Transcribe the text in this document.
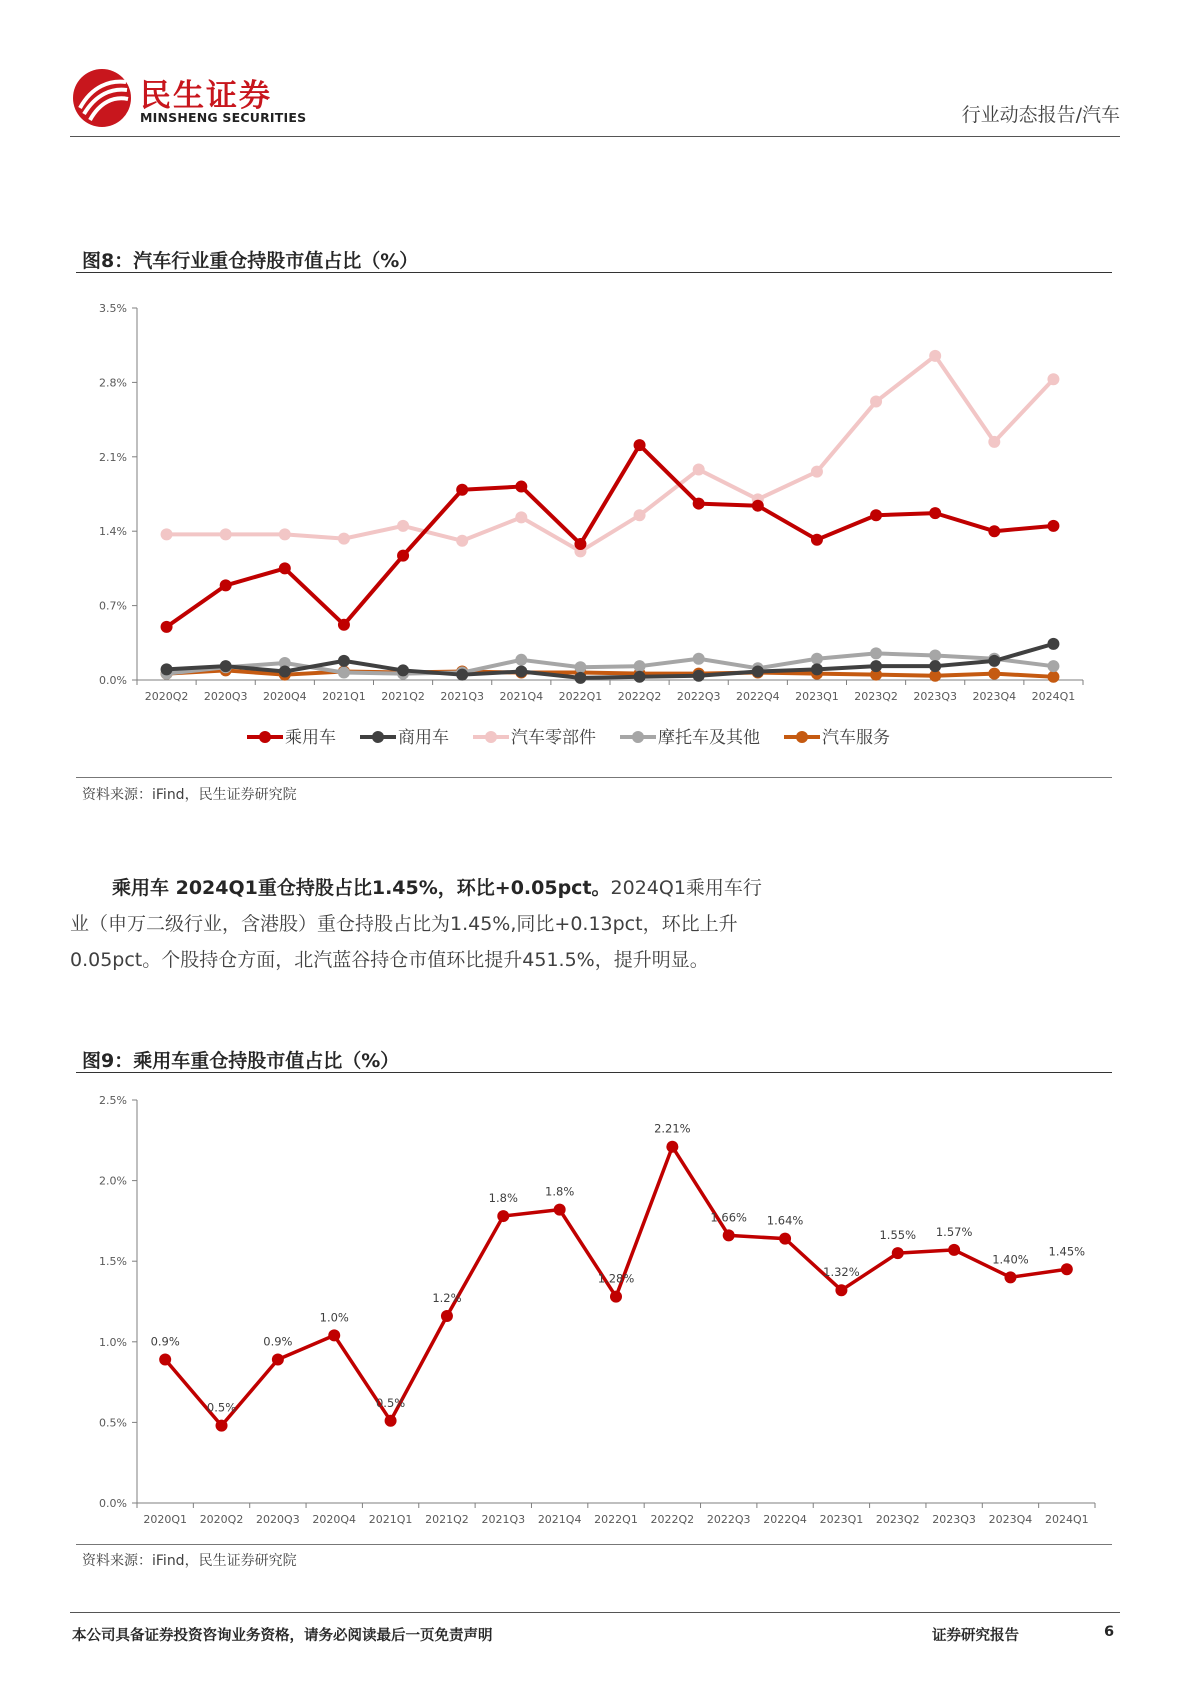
民生证券
MINSHENG SECURITIES	行业动态报告/汽车
图8：汽车行业重仓持股市值占比（%）
0.0%
0.7%
1.4%
2.1%
2.8%
3.5%
2020Q2 2020Q3 2020Q4 2021Q1 2021Q2 2021Q3 2021Q4 2022Q1 2022Q2 2022Q3 2022Q4 2023Q1 2023Q2 2023Q3 2023Q4 2024Q1
乘用车	商用车	汽车零部件	摩托车及其他	汽车服务
资料来源：iFind，民生证券研究院
乘用车 2024Q1重仓持股占比1.45%，环比+0.05pct。2024Q1乘用车行
业（申万二级行业，含港股）重仓持股占比为1.45%,同比+0.13pct，环比上升
0.05pct。个股持仓方面，北汽蓝谷持仓市值环比提升451.5%，提升明显。
图9：乘用车重仓持股市值占比（%）
0.0%
0.5%
1.0%
1.5%
2.0%
2.5%
2020Q1 2020Q2 2020Q3 2020Q4 2021Q1 2021Q2 2021Q3 2021Q4 2022Q1 2022Q2 2022Q3 2022Q4 2023Q1 2023Q2 2023Q3 2023Q4 2024Q1
0.9%
0.5%
0.9%
1.0%
0.5%
1.2%
1.8% 1.8%
1.28%
2.21%
1.66% 1.64%
1.32%
1.55% 1.57%
1.40%
1.45%
资料来源：iFind，民生证券研究院
本公司具备证券投资咨询业务资格，请务必阅读最后一页免责声明	证券研究报告	6
